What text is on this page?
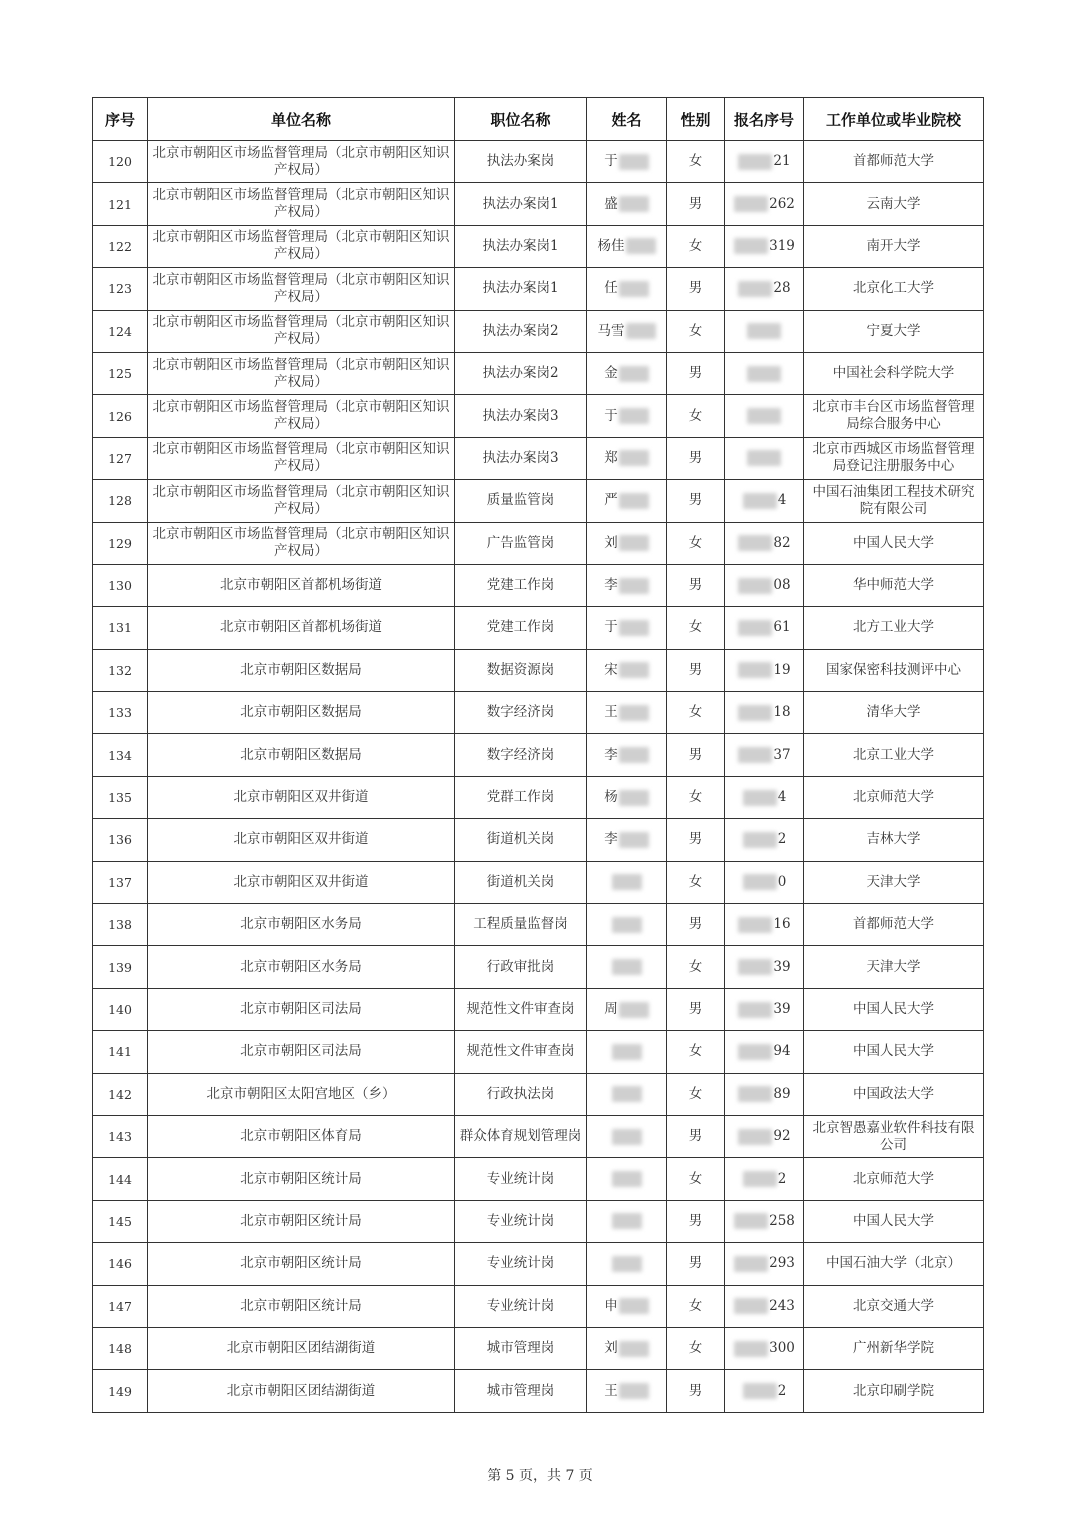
序号	单位名称	职位名称	姓名	性别	报名序号	工作单位或毕业院校
120	北京市朝阳区市场监督管理局（北京市朝阳区知识产权局）	执法办案岗	于	女	21	首都师范大学
121	北京市朝阳区市场监督管理局（北京市朝阳区知识产权局）	执法办案岗1	盛	男	262	云南大学
122	北京市朝阳区市场监督管理局（北京市朝阳区知识产权局）	执法办案岗1	杨佳	女	319	南开大学
123	北京市朝阳区市场监督管理局（北京市朝阳区知识产权局）	执法办案岗1	任	男	28	北京化工大学
124	北京市朝阳区市场监督管理局（北京市朝阳区知识产权局）	执法办案岗2	马雪	女		宁夏大学
125	北京市朝阳区市场监督管理局（北京市朝阳区知识产权局）	执法办案岗2	金	男		中国社会科学院大学
126	北京市朝阳区市场监督管理局（北京市朝阳区知识产权局）	执法办案岗3	于	女		北京市丰台区市场监督管理局综合服务中心
127	北京市朝阳区市场监督管理局（北京市朝阳区知识产权局）	执法办案岗3	郑	男		北京市西城区市场监督管理局登记注册服务中心
128	北京市朝阳区市场监督管理局（北京市朝阳区知识产权局）	质量监管岗	严	男	4	中国石油集团工程技术研究院有限公司
129	北京市朝阳区市场监督管理局（北京市朝阳区知识产权局）	广告监管岗	刘	女	82	中国人民大学
130	北京市朝阳区首都机场街道	党建工作岗	李	男	08	华中师范大学
131	北京市朝阳区首都机场街道	党建工作岗	于	女	61	北方工业大学
132	北京市朝阳区数据局	数据资源岗	宋	男	19	国家保密科技测评中心
133	北京市朝阳区数据局	数字经济岗	王	女	18	清华大学
134	北京市朝阳区数据局	数字经济岗	李	男	37	北京工业大学
135	北京市朝阳区双井街道	党群工作岗	杨	女	4	北京师范大学
136	北京市朝阳区双井街道	街道机关岗	李	男	2	吉林大学
137	北京市朝阳区双井街道	街道机关岗		女	0	天津大学
138	北京市朝阳区水务局	工程质量监督岗		男	16	首都师范大学
139	北京市朝阳区水务局	行政审批岗		女	39	天津大学
140	北京市朝阳区司法局	规范性文件审查岗	周	男	39	中国人民大学
141	北京市朝阳区司法局	规范性文件审查岗		女	94	中国人民大学
142	北京市朝阳区太阳宫地区（乡）	行政执法岗		女	89	中国政法大学
143	北京市朝阳区体育局	群众体育规划管理岗		男	92	北京智愚嘉业软件科技有限公司
144	北京市朝阳区统计局	专业统计岗		女	2	北京师范大学
145	北京市朝阳区统计局	专业统计岗		男	258	中国人民大学
146	北京市朝阳区统计局	专业统计岗		男	293	中国石油大学（北京）
147	北京市朝阳区统计局	专业统计岗	申	女	243	北京交通大学
148	北京市朝阳区团结湖街道	城市管理岗	刘	女	300	广州新华学院
149	北京市朝阳区团结湖街道	城市管理岗	王	男	2	北京印刷学院
第 5 页，共 7 页
